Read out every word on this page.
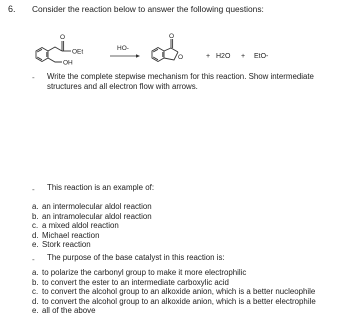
6. Consider the reaction below to answer the following questions:
O
OEt
OH
HO-
O
O	+ H2O + EtO-
- Write the complete stepwise mechanism for this reaction. Show intermediate structures and all electron flow with arrows.
- This reaction is an example of:
a. an intermolecular aldol reaction
b. an intramolecular aldol reaction
c. a mixed aldol reaction
d. Michael reaction
e. Stork reaction
- The purpose of the base catalyst in this reaction is:
a. to polarize the carbonyl group to make it more electrophilic
b. to convert the ester to an intermediate carboxylic acid
c. to convert the alcohol group to an alkoxide anion, which is a better nucleophile
d. to convert the alcohol group to an alkoxide anion, which is a better electrophile
e. all of the above
